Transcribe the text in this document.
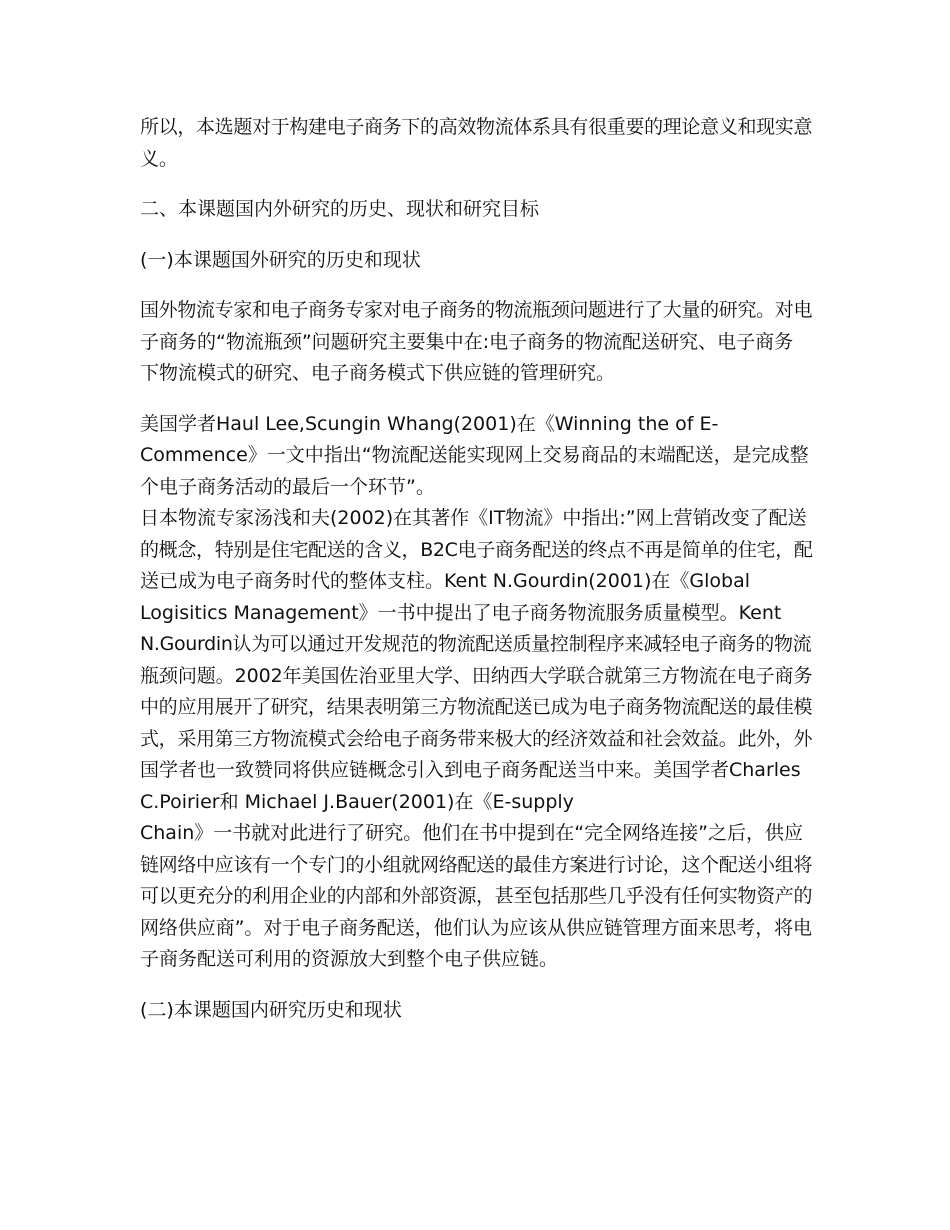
所以，本选题对于构建电子商务下的高效物流体系具有很重要的理论意义和现实意
义。

二、本课题国内外研究的历史、现状和研究目标

(一)本课题国外研究的历史和现状

国外物流专家和电子商务专家对电子商务的物流瓶颈问题进行了大量的研究。对电
子商务的“物流瓶颈”问题研究主要集中在:电子商务的物流配送研究、电子商务
下物流模式的研究、电子商务模式下供应链的管理研究。

美国学者Haul Lee,Scungin Whang(2001)在《Winning the of E-
Commence》一文中指出“物流配送能实现网上交易商品的末端配送，是完成整
个电子商务活动的最后一个环节”。

日本物流专家汤浅和夫(2002)在其著作《IT物流》中指出:”网上营销改变了配送
的概念，特别是住宅配送的含义，B2C电子商务配送的终点不再是简单的住宅，配
送已成为电子商务时代的整体支柱。Kent N.Gourdin(2001)在《Global
Logisitics Management》一书中提出了电子商务物流服务质量模型。Kent
N.Gourdin认为可以通过开发规范的物流配送质量控制程序来减轻电子商务的物流
瓶颈问题。2002年美国佐治亚里大学、田纳西大学联合就第三方物流在电子商务
中的应用展开了研究，结果表明第三方物流配送已成为电子商务物流配送的最佳模
式，采用第三方物流模式会给电子商务带来极大的经济效益和社会效益。此外，外
国学者也一致赞同将供应链概念引入到电子商务配送当中来。美国学者Charles
C.Poirier和 Michael J.Bauer(2001)在《E-supply
Chain》一书就对此进行了研究。他们在书中提到在“完全网络连接”之后，供应
链网络中应该有一个专门的小组就网络配送的最佳方案进行讨论，这个配送小组将
可以更充分的利用企业的内部和外部资源，甚至包括那些几乎没有任何实物资产的
网络供应商”。对于电子商务配送，他们认为应该从供应链管理方面来思考，将电
子商务配送可利用的资源放大到整个电子供应链。

(二)本课题国内研究历史和现状
